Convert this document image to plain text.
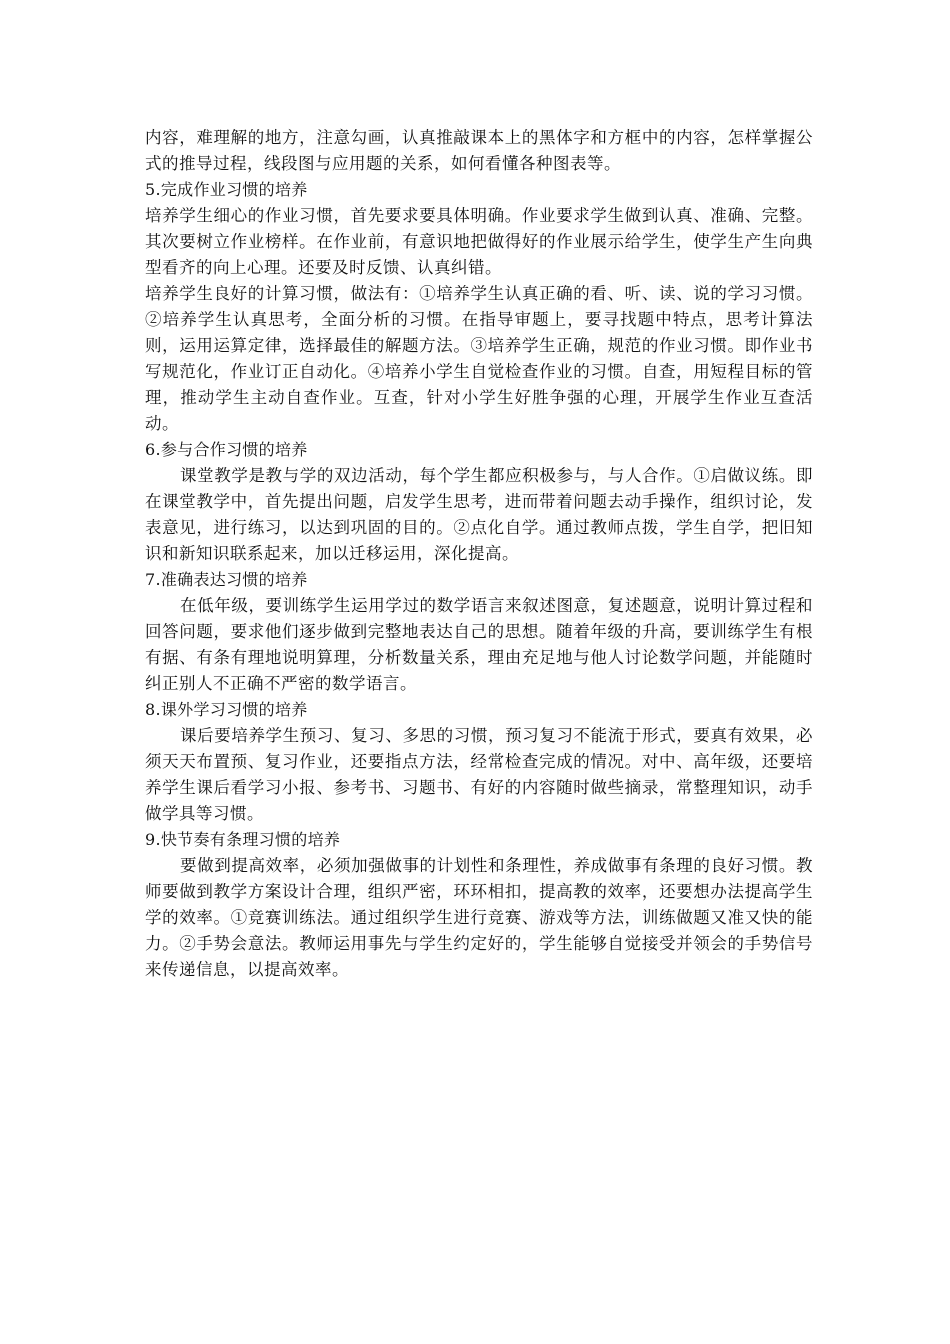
内容，难理解的地方，注意勾画，认真推敲课本上的黑体字和方框中的内容，怎样掌握公式的推导过程，线段图与应用题的关系，如何看懂各种图表等。

5.完成作业习惯的培养

培养学生细心的作业习惯，首先要求要具体明确。作业要求学生做到认真、准确、完整。其次要树立作业榜样。在作业前，有意识地把做得好的作业展示给学生，使学生产生向典型看齐的向上心理。还要及时反馈、认真纠错。

培养学生良好的计算习惯，做法有：①培养学生认真正确的看、听、读、说的学习习惯。②培养学生认真思考，全面分析的习惯。在指导审题上，要寻找题中特点，思考计算法则，运用运算定律，选择最佳的解题方法。③培养学生正确，规范的作业习惯。即作业书写规范化，作业订正自动化。④培养小学生自觉检查作业的习惯。自查，用短程目标的管理，推动学生主动自查作业。互查，针对小学生好胜争强的心理，开展学生作业互查活动。

6.参与合作习惯的培养

课堂教学是教与学的双边活动，每个学生都应积极参与，与人合作。①启做议练。即在课堂教学中，首先提出问题，启发学生思考，进而带着问题去动手操作，组织讨论，发表意见，进行练习，以达到巩固的目的。②点化自学。通过教师点拨，学生自学，把旧知识和新知识联系起来，加以迁移运用，深化提高。

7.准确表达习惯的培养

在低年级，要训练学生运用学过的数学语言来叙述图意，复述题意，说明计算过程和回答问题，要求他们逐步做到完整地表达自己的思想。随着年级的升高，要训练学生有根有据、有条有理地说明算理，分析数量关系，理由充足地与他人讨论数学问题，并能随时纠正别人不正确不严密的数学语言。

8.课外学习习惯的培养

课后要培养学生预习、复习、多思的习惯，预习复习不能流于形式，要真有效果，必须天天布置预、复习作业，还要指点方法，经常检查完成的情况。对中、高年级，还要培养学生课后看学习小报、参考书、习题书、有好的内容随时做些摘录，常整理知识，动手做学具等习惯。

9.快节奏有条理习惯的培养

要做到提高效率，必须加强做事的计划性和条理性，养成做事有条理的良好习惯。教师要做到教学方案设计合理，组织严密，环环相扣，提高教的效率，还要想办法提高学生学的效率。①竞赛训练法。通过组织学生进行竞赛、游戏等方法，训练做题又准又快的能力。②手势会意法。教师运用事先与学生约定好的，学生能够自觉接受并领会的手势信号来传递信息，以提高效率。
